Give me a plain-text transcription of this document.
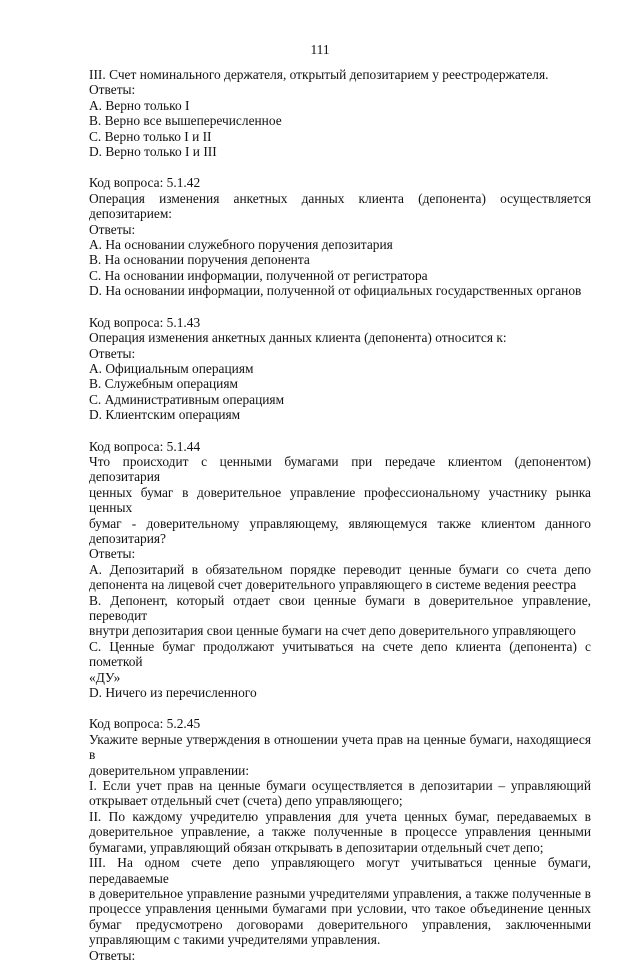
111

III. Счет номинального держателя, открытый депозитарием у реестродержателя.

Ответы:

A. Верно только I

B. Верно все вышеперечисленное

C. Верно только I и II

D. Верно только I и III

Код вопроса: 5.1.42

Операция изменения анкетных данных клиента (депонента) осуществляется

депозитарием:

Ответы:

A. На основании служебного поручения депозитария

B. На основании поручения депонента

C. На основании информации, полученной от регистратора

D. На основании информации, полученной от официальных государственных органов

Код вопроса: 5.1.43

Операция изменения анкетных данных клиента (депонента) относится к:

Ответы:

A. Официальным операциям

B. Служебным операциям

C. Административным операциям

D. Клиентским операциям

Код вопроса: 5.1.44

Что происходит с ценными бумагами при передаче клиентом (депонентом) депозитария

ценных бумаг в доверительное управление профессиональному участнику рынка ценных

бумаг - доверительному управляющему, являющемуся также клиентом данного

депозитария?

Ответы:

A. Депозитарий в обязательном порядке переводит ценные бумаги со счета депо

депонента на лицевой счет доверительного управляющего в системе ведения реестра

B. Депонент, который отдает свои ценные бумаги в доверительное управление, переводит

внутри депозитария свои ценные бумаги на счет депо доверительного управляющего

C. Ценные бумаг продолжают учитываться на счете депо клиента (депонента) с пометкой

«ДУ»

D. Ничего из перечисленного

Код вопроса: 5.2.45

Укажите верные утверждения в отношении учета прав на ценные бумаги, находящиеся в

доверительном управлении:

I. Если учет прав на ценные бумаги осуществляется в депозитарии – управляющий

открывает отдельный счет (счета) депо управляющего;

II. По каждому учредителю управления для учета ценных бумаг, передаваемых в

доверительное управление, а также полученные в процессе управления ценными

бумагами, управляющий обязан открывать в депозитарии отдельный счет депо;

III. На одном счете депо управляющего могут учитываться ценные бумаги, передаваемые

в доверительное управление разными учредителями управления, а также полученные в

процессе управления ценными бумагами при условии, что такое объединение ценных

бумаг предусмотрено договорами доверительного управления, заключенными

управляющим с такими учредителями управления.

Ответы:
